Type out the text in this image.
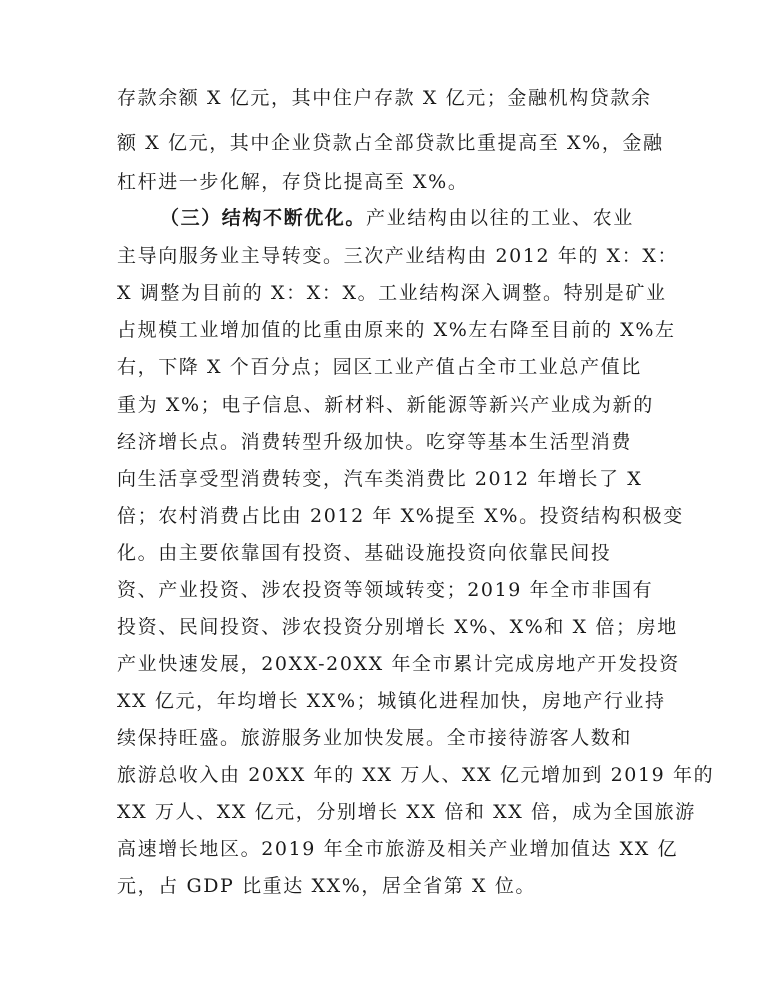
存款余额 X 亿元，其中住户存款 X 亿元；金融机构贷款余
额 X 亿元，其中企业贷款占全部贷款比重提高至 X%，金融
杠杆进一步化解，存贷比提高至 X%。
（三）结构不断优化。产业结构由以往的工业、农业
主导向服务业主导转变。三次产业结构由 2012 年的 X：X：
X 调整为目前的 X：X：X。工业结构深入调整。特别是矿业
占规模工业增加值的比重由原来的 X%左右降至目前的 X%左
右，下降 X 个百分点；园区工业产值占全市工业总产值比
重为 X%；电子信息、新材料、新能源等新兴产业成为新的
经济增长点。消费转型升级加快。吃穿等基本生活型消费
向生活享受型消费转变，汽车类消费比 2012 年增长了 X
倍；农村消费占比由 2012 年 X%提至 X%。投资结构积极变
化。由主要依靠国有投资、基础设施投资向依靠民间投
资、产业投资、涉农投资等领域转变；2019 年全市非国有
投资、民间投资、涉农投资分别增长 X%、X%和 X 倍；房地
产业快速发展，20XX-20XX 年全市累计完成房地产开发投资
XX 亿元，年均增长 XX%；城镇化进程加快，房地产行业持
续保持旺盛。旅游服务业加快发展。全市接待游客人数和
旅游总收入由 20XX 年的 XX 万人、XX 亿元增加到 2019 年的
XX 万人、XX 亿元，分别增长 XX 倍和 XX 倍，成为全国旅游
高速增长地区。2019 年全市旅游及相关产业增加值达 XX 亿
元，占 GDP 比重达 XX%，居全省第 X 位。
